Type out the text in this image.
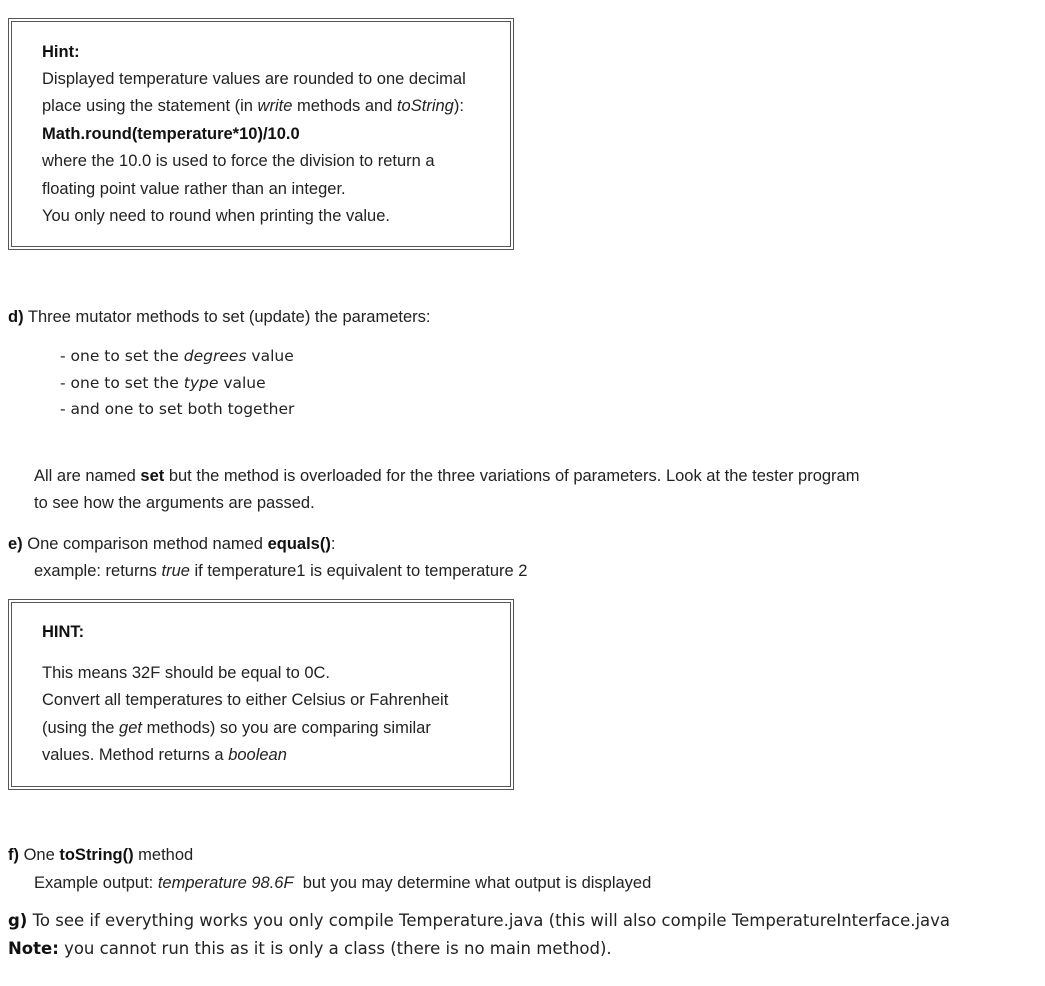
Hint:
Displayed temperature values are rounded to one decimal
place using the statement (in write methods and toString):
Math.round(temperature*10)/10.0
where the 10.0 is used to force the division to return a
floating point value rather than an integer.
You only need to round when printing the value.
d) Three mutator methods to set (update) the parameters:
- one to set the degrees value
- one to set the type value
- and one to set both together
All are named set but the method is overloaded for the three variations of parameters. Look at the tester program
to see how the arguments are passed.
e) One comparison method named equals():
example: returns true if temperature1 is equivalent to temperature 2
HINT:
This means 32F should be equal to 0C.
Convert all temperatures to either Celsius or Fahrenheit
(using the get methods) so you are comparing similar
values. Method returns a boolean
f) One toString() method
Example output: temperature 98.6F  but you may determine what output is displayed
g) To see if everything works you only compile Temperature.java (this will also compile TemperatureInterface.java
Note: you cannot run this as it is only a class (there is no main method).
